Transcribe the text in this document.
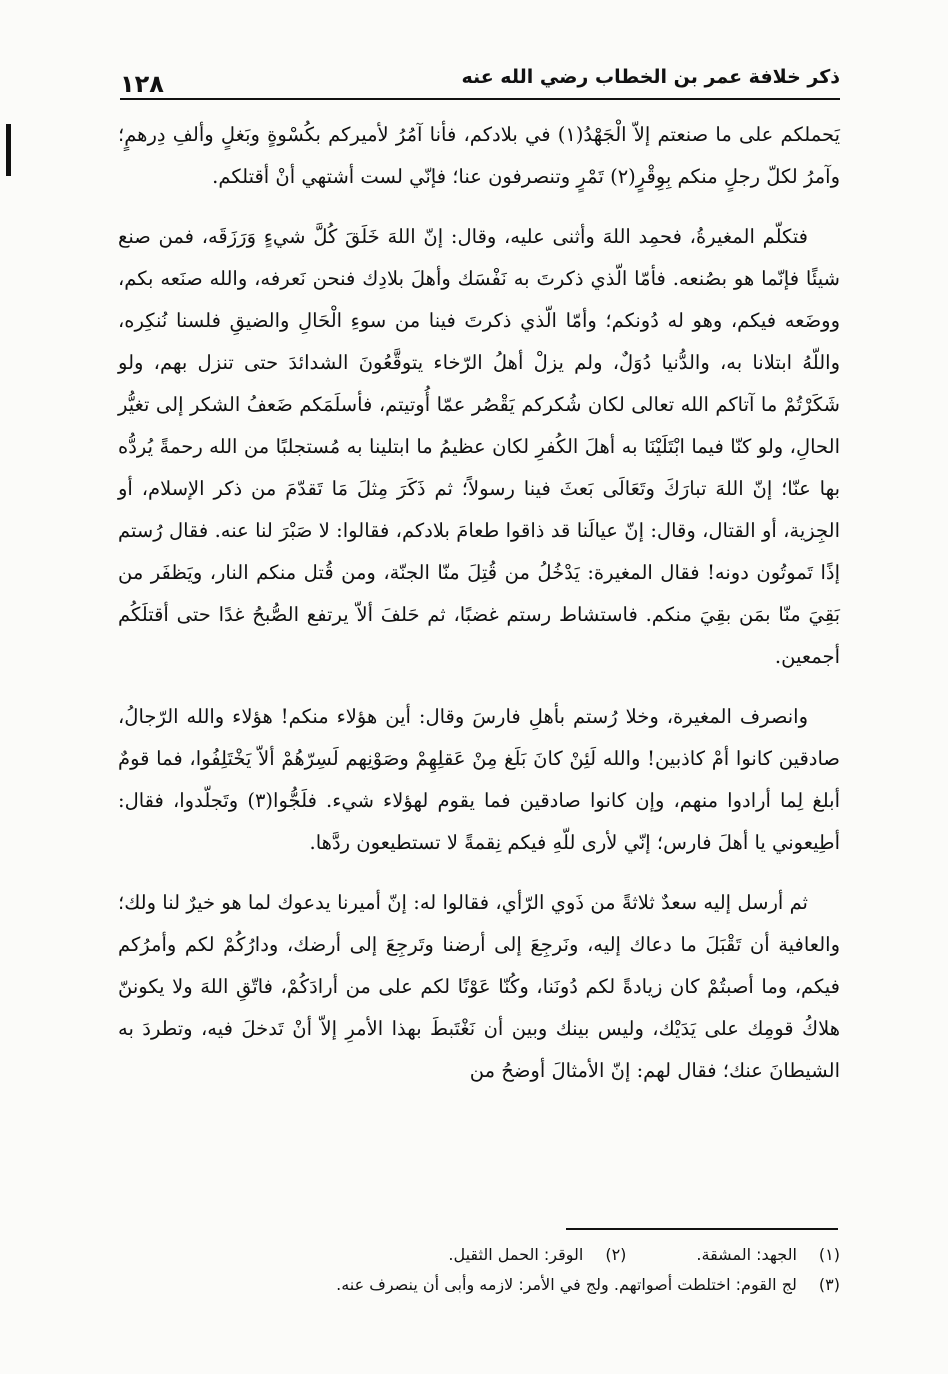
ذكر خلافة عمر بن الخطاب رضي الله عنه
١٢٨

يَحملكم على ما صنعتم إلاّ الْجَهْدُ(١) في بلادكم، فأنا آمُرُ لأميركم بكُسْوةٍ وبَغلٍ وألفِ دِرهمٍ؛ وآمرُ لكلّ رجلٍ منكم بِوِقْرٍ(٢) تَمْرٍ وتنصرفون عنا؛ فإنّي لست أشتهي أنْ أقتلكم.

فتكلّم المغيرةُ، فحمِد اللهَ وأثنى عليه، وقال: إنّ اللهَ خَلَقَ كُلَّ شيءٍ وَرَزَقَه، فمن صنع شيئًا فإنّما هو بصُنعه. فأمّا الّذي ذكرتَ به نَفْسَك وأهلَ بلادِك فنحن نَعرفه، والله صنَعه بكم، ووضَعه فيكم، وهو له دُونكم؛ وأمّا الّذي ذكرتَ فينا من سوءِ الْحَالِ والضيقِ فلسنا نُنكِره، واللّهُ ابتلانا به، والدُّنيا دُوَلٌ، ولم يزلْ أهلُ الرّخاء يتوقَّعُونَ الشدائدَ حتى تنزل بهم، ولو شَكَرْتُمْ ما آتاكم الله تعالى لكان شُكركم يَقْصُر عمّا أُوتيتم، فأسلَمَكم ضَعفُ الشكر إلى تغيُّر الحالِ، ولو كنّا فيما ابْتَلَيْنَا به أهلَ الكُفرِ لكان عظيمُ ما ابتلينا به مُستجلبًا من الله رحمةً يُردُّه بها عنّا؛ إنّ اللهَ تبارَكَ وتَعَالَى بَعثَ فينا رسولاً؛ ثم ذَكَرَ مِثلَ مَا تَقدّمَ من ذكر الإسلام، أو الجِزية، أو القتال، وقال: إنّ عيالَنا قد ذاقوا طعامَ بلادكم، فقالوا: لا صَبْرَ لنا عنه. فقال رُستم إذًا تَموتُون دونه! فقال المغيرة: يَدْخُلُ من قُتِلَ منّا الجنّة، ومن قُتل منكم النار، ويَظفَر من بَقِيَ منّا بمَن بقِيَ منكم. فاستشاط رستم غضبًا، ثم حَلفَ ألاّ يرتفع الصُّبحُ غدًا حتى أقتلَكُم أجمعين.

وانصرف المغيرة، وخلا رُستم بأهلِ فارسَ وقال: أين هؤلاء منكم! هؤلاء والله الرّجالُ، صادقين كانوا أمْ كاذبين! والله لَئِنْ كانَ بَلَغ مِنْ عَقلِهِمْ وصَوْنِهم لَسِرّهُمْ ألاّ يَخْتَلِفُوا، فما قومٌ أبلغ لِما أرادوا منهم، وإن كانوا صادقين فما يقوم لهؤلاء شيء. فلَجُّوا(٣) وتَجلّدوا، فقال: أطِيعوني يا أهلَ فارس؛ إنّي لأرى للّهِ فيكم نِقمةً لا تستطيعون ردَّها.

ثم أرسل إليه سعدٌ ثلاثةً من ذَوي الرّأي، فقالوا له: إنّ أميرنا يدعوك لما هو خيرٌ لنا ولك؛ والعافية أن تَقْبَلَ ما دعاك إليه، ونَرجِعَ إلى أرضنا وتَرجِعَ إلى أرضك، ودارُكُمْ لكم وأمرُكم فيكم، وما أصبتُمْ كان زيادةً لكم دُونَنا، وكُنّا عَوْنًا لكم على من أرادَكُمْ، فاتّقِ اللهَ ولا يكوننّ هلاكُ قومِك على يَدَيْك، وليس بينك وبين أن نَغْتَبطَ بهذا الأمرِ إلاّ أنْ تَدخلَ فيه، وتطردَ به الشيطانَ عنك؛ فقال لهم: إنّ الأمثالَ أوضحُ من

(١)
الجهد: المشقة.
(٢)
الوقر: الحمل الثقيل.
(٣)
لج القوم: اختلطت أصواتهم. ولج في الأمر: لازمه وأبى أن ينصرف عنه.
